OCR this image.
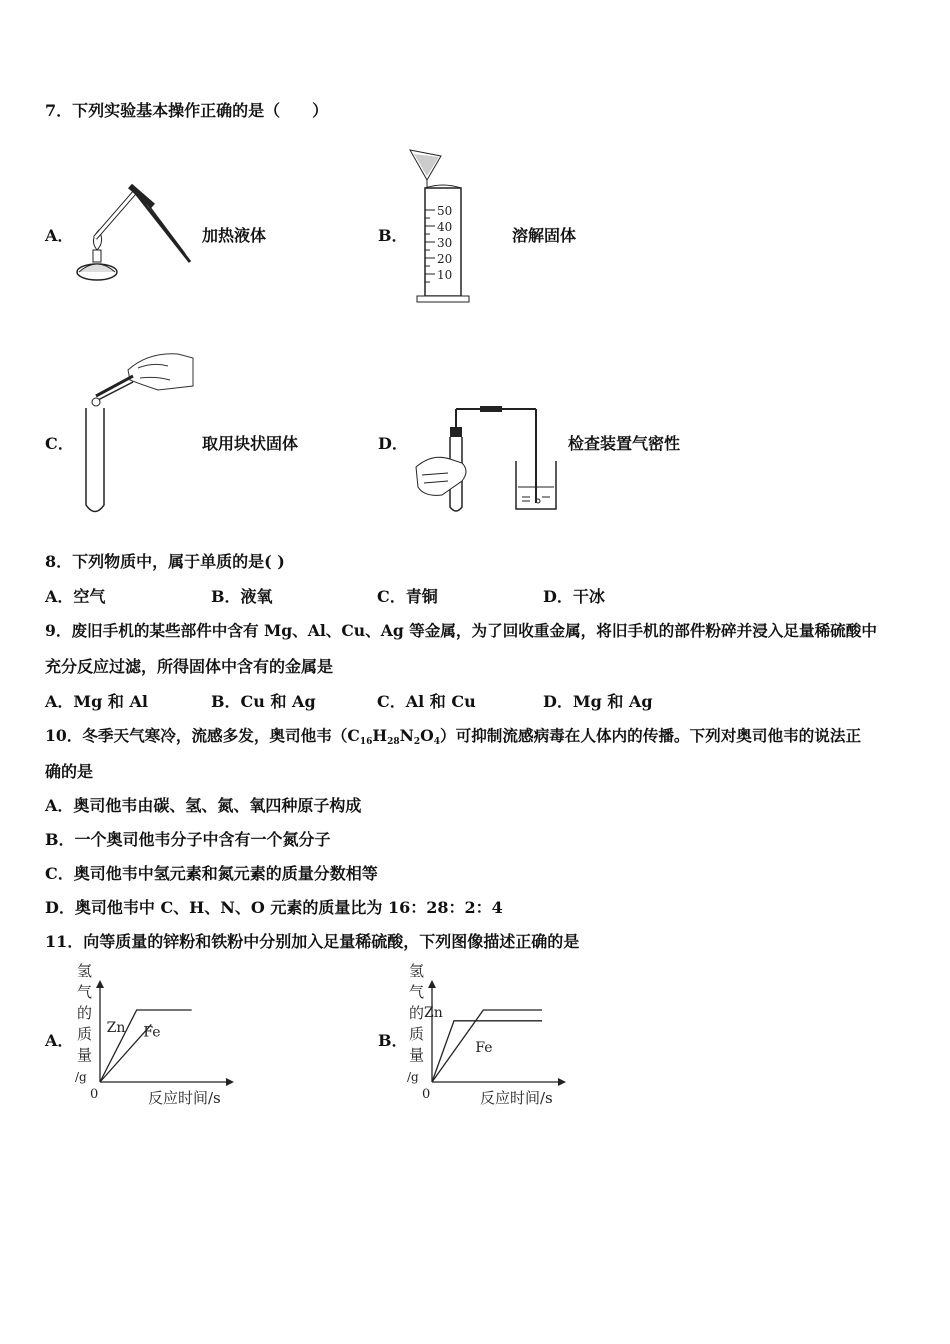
7．下列实验基本操作正确的是（　　）
A．	加热液体	B．
50
40
30
20
10
溶解固体
C．	取用块状固体	D．	检查装置气密性
8．下列物质中，属于单质的是( )
A．空气	B．液氧	C．青铜	D．干冰
9．废旧手机的某些部件中含有 Mg、Al、Cu、Ag 等金属，为了回收重金属，将旧手机的部件粉碎并浸入足量稀硫酸中
充分反应过滤，所得固体中含有的金属是
A．Mg 和 Al	B．Cu 和 Ag	C．Al 和 Cu	D．Mg 和 Ag
10．冬季天气寒冷，流感多发，奥司他韦$(C_{16}H_{28}N_2O_4)$可抑制流感病毒在人体内的传播。下列对奥司他韦的说法正
确的是
A．奥司他韦由碳、氢、氮、氧四种原子构成
B．一个奥司他韦分子中含有一个氮分子
C．奥司他韦中氢元素和氮元素的质量分数相等
D．奥司他韦中 C、H、N、O 元素的质量比为 16：28：2：4
11．向等质量的锌粉和铁粉中分别加入足量稀硫酸，下列图像描述正确的是
A．
氢
气
的
质
量
/g
0	反应时间/s
Zn Fe	B．
氢
气
的
质
量
/g
0	反应时间/s
Zn
Fe
